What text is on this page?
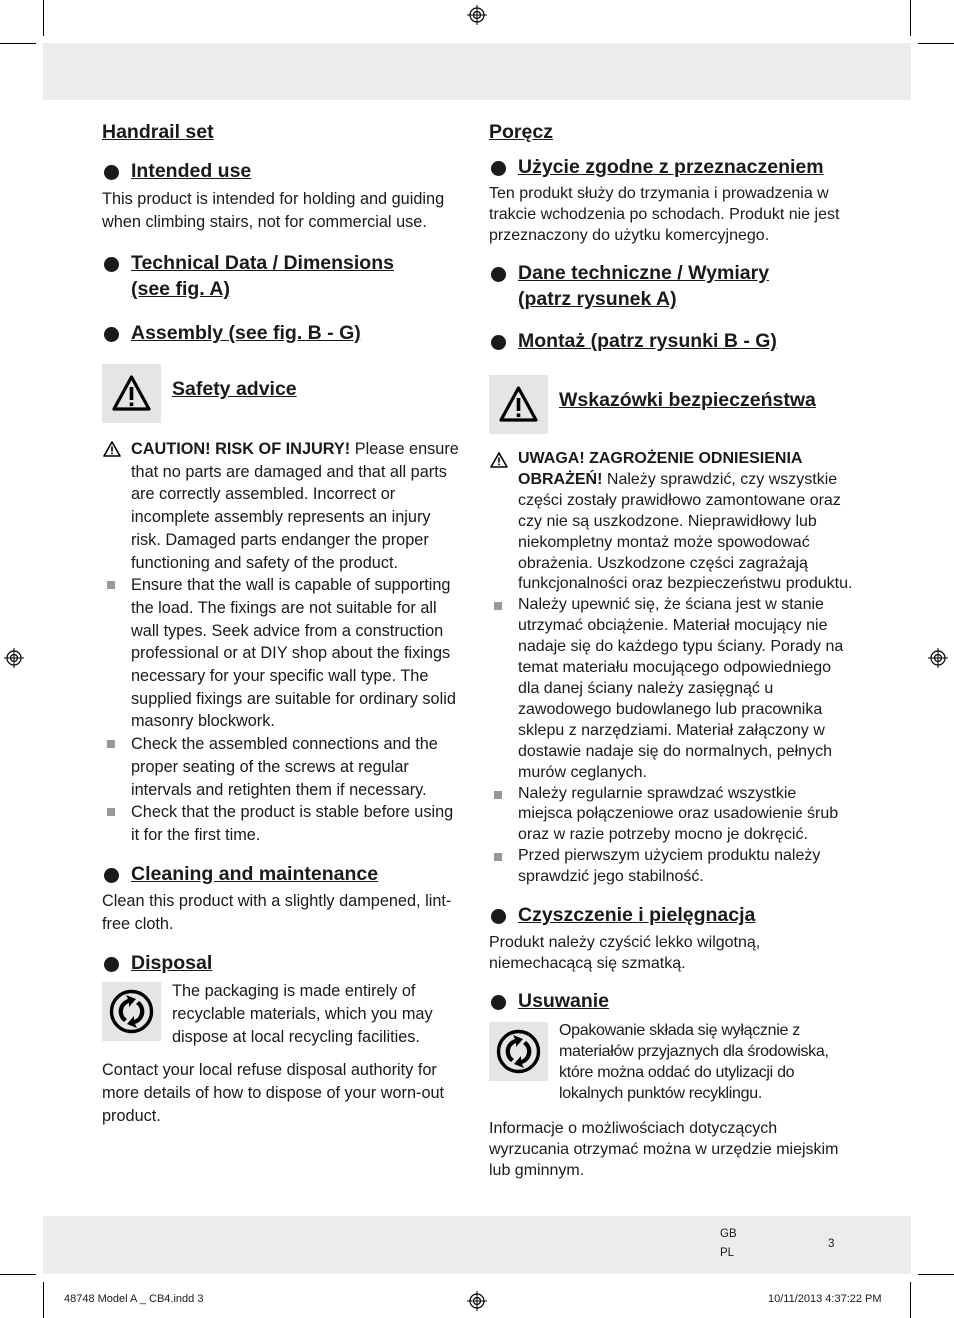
Handrail set
Intended use

This product is intended for holding and guiding when climbing stairs, not for commercial use.

Technical Data / Dimensions
(see fig. A)
Assembly (see fig. B - G)
Safety advice
CAUTION! RISK OF INJURY! Please ensure that no parts are damaged and that all parts are correctly assembled. Incorrect or incomplete assembly represents an injury risk. Damaged parts endanger the proper functioning and safety of the product.
Ensure that the wall is capable of supporting the load. The fixings are not suitable for all wall types. Seek advice from a construction professional or at DIY shop about the fixings necessary for your specific wall type. The supplied fixings are suitable for ordinary solid masonry blockwork.
Check the assembled connections and the proper seating of the screws at regular intervals and retighten them if necessary.
Check that the product is stable before using it for the first time.
Cleaning and maintenance

Clean this product with a slightly dampened, lint-free cloth.

Disposal

The packaging is made entirely of recyclable materials, which you may dispose at local recycling facilities.

Contact your local refuse disposal authority for more details of how to dispose of your worn-out product.

Poręcz
Użycie zgodne z przeznaczeniem

Ten produkt służy do trzymania i prowadzenia w trakcie wchodzenia po schodach. Produkt nie jest przeznaczony do użytku komercyjnego.

Dane techniczne / Wymiary
(patrz rysunek A)
Montaż (patrz rysunki B - G)
Wskazówki bezpieczeństwa
UWAGA! ZAGROŻENIE ODNIESIENIA OBRAŻEŃ! Należy sprawdzić, czy wszystkie części zostały prawidłowo zamontowane oraz czy nie są uszkodzone. Nieprawidłowy lub niekompletny montaż może spowodować obrażenia. Uszkodzone części zagrażają funkcjonalności oraz bezpieczeństwu produktu.
Należy upewnić się, że ściana jest w stanie utrzymać obciążenie. Materiał mocujący nie nadaje się do każdego typu ściany. Porady na temat materiału mocującego odpowiedniego dla danej ściany należy zasięgnąć u zawodowego budowlanego lub pracownika sklepu z narzędziami. Materiał załączony w dostawie nadaje się do normalnych, pełnych murów ceglanych.
Należy regularnie sprawdzać wszystkie miejsca połączeniowe oraz usadowienie śrub oraz w razie potrzeby mocno je dokręcić.
Przed pierwszym użyciem produktu należy sprawdzić jego stabilność.
Czyszczenie i pielęgnacja

Produkt należy czyścić lekko wilgotną, niemechacącą się szmatką.

Usuwanie

Opakowanie składa się wyłącznie z materiałów przyjaznych dla środowiska, które można oddać do utylizacji do lokalnych punktów recyklingu.

Informacje o możliwościach dotyczących wyrzucania otrzymać można w urzędzie miejskim lub gminnym.

GB
PL
3
48748 Model A _ CB4.indd 3	10/11/2013 4:37:22 PM
